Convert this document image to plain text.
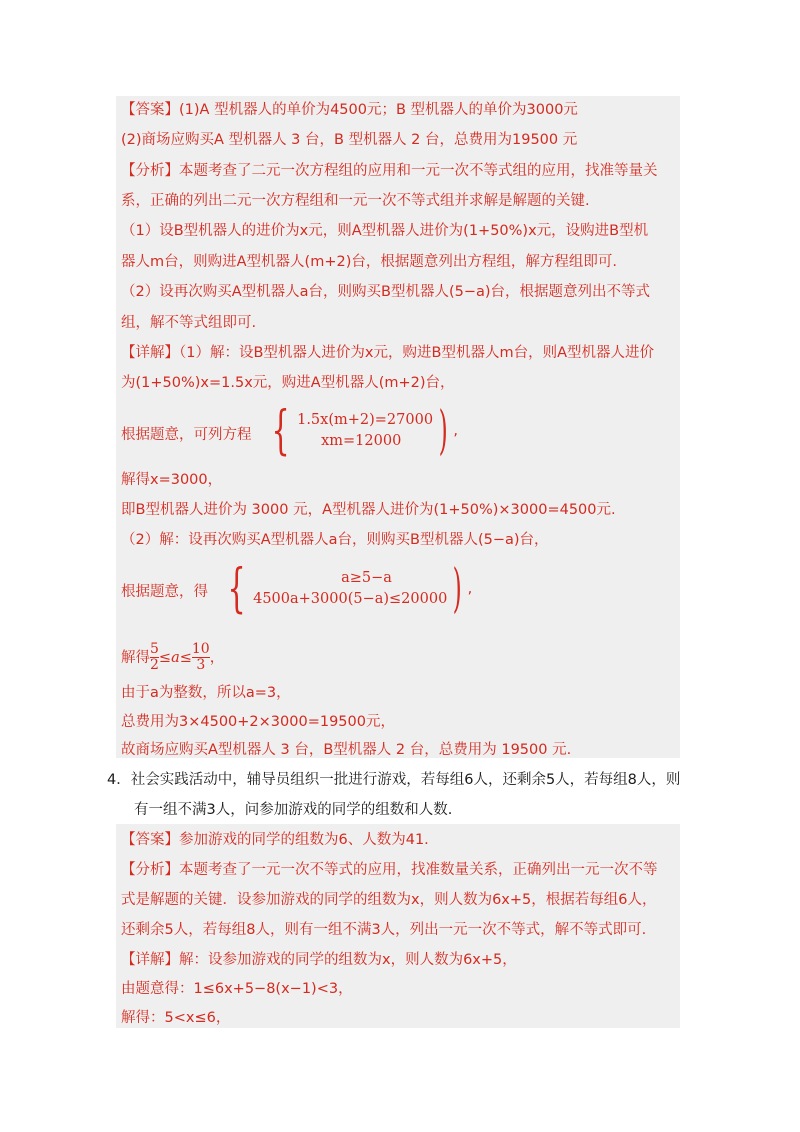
【答案】(1)A 型机器人的单价为4500元；B 型机器人的单价为3000元
(2)商场应购买A 型机器人 3 台，B 型机器人 2 台，总费用为19500 元
【分析】本题考查了二元一次方程组的应用和一元一次不等式组的应用，找准等量关
系，正确的列出二元一次方程组和一元一次不等式组并求解是解题的关键.
（1）设B型机器人的进价为x元，则A型机器人进价为(1+50%)x元，设购进B型机
器人m台，则购进A型机器人(m+2)台，根据题意列出方程组，解方程组即可.
（2）设再次购买A型机器人a台，则购买B型机器人(5−a)台，根据题意列出不等式
组，解不等式组即可.
【详解】（1）解：设B型机器人进价为x元，购进B型机器人m台，则A型机器人进价
为(1+50%)x=1.5x元，购进A型机器人(m+2)台，
根据题意，可列方程 { 1.5x(m+2)=27000
xm=12000 ) ,
解得x=3000，
即B型机器人进价为 3000 元，A型机器人进价为(1+50%)×3000=4500元.
（2）解：设再次购买A型机器人a台，则购买B型机器人(5−a)台，
根据题意，得 {	a≥5−a
4500a+3000(5−a)≤20000 ) ,
解得 $\frac{5}{2} \le a\le \frac{10}{3}$ ，
由于a为整数，所以a=3，
总费用为3×4500+2×3000=19500元，
故商场应购买A型机器人 3 台，B型机器人 2 台，总费用为 19500 元.
4．社会实践活动中，辅导员组织一批进行游戏，若每组6人，还剩余5人，若每组8人，则
有一组不满3人，问参加游戏的同学的组数和人数.
【答案】参加游戏的同学的组数为6、人数为41.
【分析】本题考查了一元一次不等式的应用，找准数量关系，正确列出一元一次不等
式是解题的关键．设参加游戏的同学的组数为x，则人数为6x+5，根据若每组6人，
还剩余5人，若每组8人，则有一组不满3人，列出一元一次不等式，解不等式即可.
【详解】解：设参加游戏的同学的组数为x，则人数为6x+5，
由题意得：1≤6x+5−8(x−1)<3，
解得：5<x≤6，
